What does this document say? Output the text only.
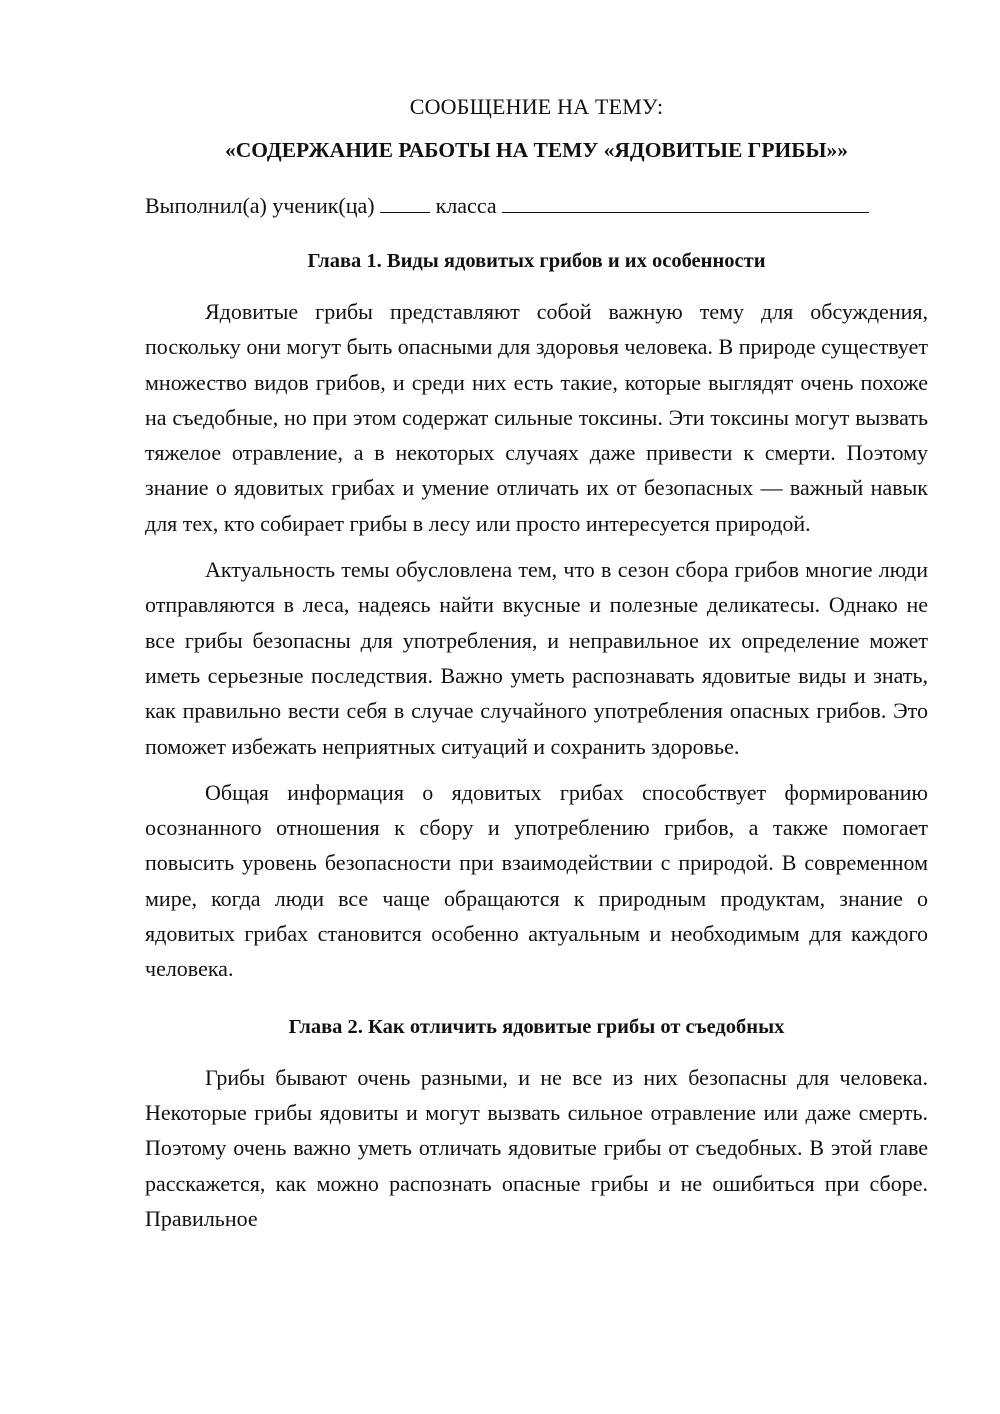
СООБЩЕНИЕ НА ТЕМУ:
«СОДЕРЖАНИЕ РАБОТЫ НА ТЕМУ «ЯДОВИТЫЕ ГРИБЫ»»
Выполнил(а) ученик(ца)	класса
Глава 1. Виды ядовитых грибов и их особенности

Ядовитые грибы представляют собой важную тему для обсуждения, поскольку они могут быть опасными для здоровья человека. В природе существует множество видов грибов, и среди них есть такие, которые выглядят очень похоже на съедобные, но при этом содержат сильные токсины. Эти токсины могут вызвать тяжелое отравление, а в некоторых случаях даже привести к смерти. Поэтому знание о ядовитых грибах и умение отличать их от безопасных — важный навык для тех, кто собирает грибы в лесу или просто интересуется природой.

Актуальность темы обусловлена тем, что в сезон сбора грибов многие люди отправляются в леса, надеясь найти вкусные и полезные деликатесы. Однако не все грибы безопасны для употребления, и неправильное их определение может иметь серьезные последствия. Важно уметь распознавать ядовитые виды и знать, как правильно вести себя в случае случайного употребления опасных грибов. Это поможет избежать неприятных ситуаций и сохранить здоровье.

Общая информация о ядовитых грибах способствует формированию осознанного отношения к сбору и употреблению грибов, а также помогает повысить уровень безопасности при взаимодействии с природой. В современном мире, когда люди все чаще обращаются к природным продуктам, знание о ядовитых грибах становится особенно актуальным и необходимым для каждого человека.

Глава 2. Как отличить ядовитые грибы от съедобных

Грибы бывают очень разными, и не все из них безопасны для человека. Некоторые грибы ядовиты и могут вызвать сильное отравление или даже смерть. Поэтому очень важно уметь отличать ядовитые грибы от съедобных. В этой главе расскажется, как можно распознать опасные грибы и не ошибиться при сборе. Правильное
